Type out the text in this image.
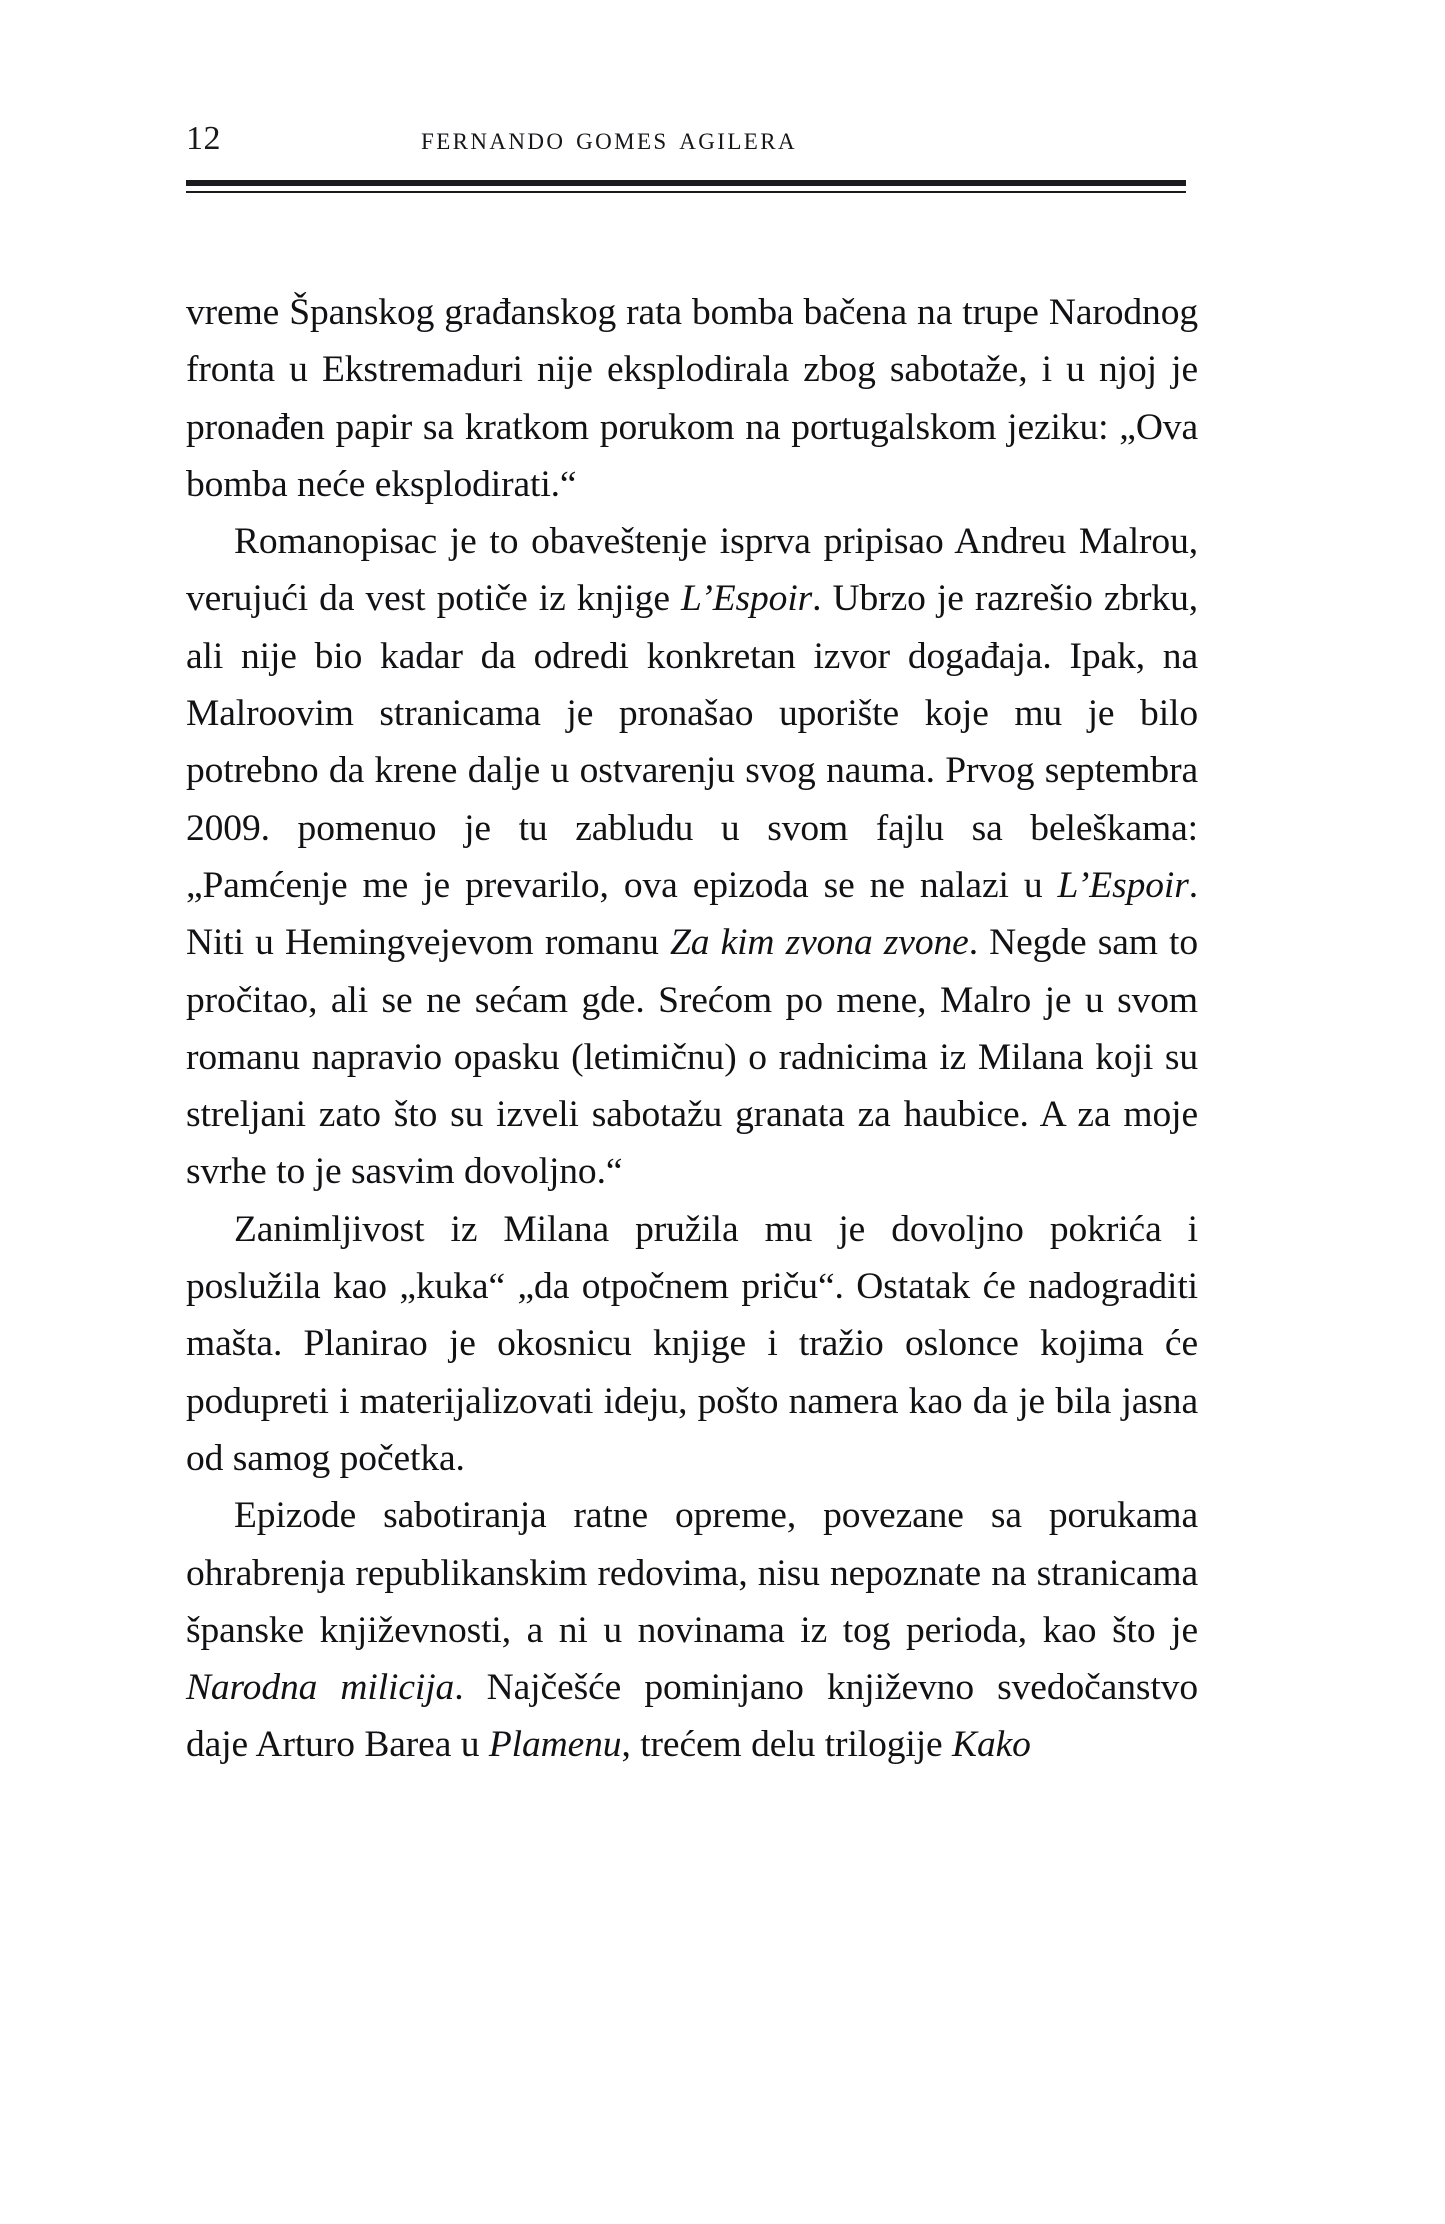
12	fernando gomes agilera

vreme Španskog građanskog rata bomba bačena na trupe Narodnog fronta u Ekstremaduri nije eksplodirala zbog sabotaže, i u njoj je pronađen papir sa kratkom porukom na portugalskom jeziku: „Ova bomba neće eksplodirati.“

Romanopisac je to obaveštenje isprva pripisao Andreu Malrou, verujući da vest potiče iz knjige L’Espoir. Ubrzo je razrešio zbrku, ali nije bio kadar da odredi konkretan izvor događaja. Ipak, na Malroovim stranicama je pronašao uporište koje mu je bilo potrebno da krene dalje u ostvarenju svog nauma. Prvog septembra 2009. pomenuo je tu zabludu u svom fajlu sa beleškama: „Pamćenje me je prevarilo, ova epizoda se ne nalazi u L’Espoir. Niti u Hemingvejevom romanu Za kim zvona zvone. Negde sam to pročitao, ali se ne sećam gde. Srećom po mene, Malro je u svom romanu napravio opasku (letimičnu) o radnicima iz Milana koji su streljani zato što su izveli sabotažu granata za haubice. A za moje svrhe to je sasvim dovoljno.“

Zanimljivost iz Milana pružila mu je dovoljno pokrića i poslužila kao „kuka“ „da otpočnem priču“. Ostatak će nadograditi mašta. Planirao je okosnicu knjige i tražio oslonce kojima će podupreti i materijalizovati ideju, pošto namera kao da je bila jasna od samog početka.

Epizode sabotiranja ratne opreme, povezane sa porukama ohrabrenja republikanskim redovima, nisu nepoznate na stranicama španske književnosti, a ni u novinama iz tog perioda, kao što je Narodna milicija. Najčešće pominjano književno svedočanstvo daje Arturo Barea u Plamenu, trećem delu trilogije Kako
